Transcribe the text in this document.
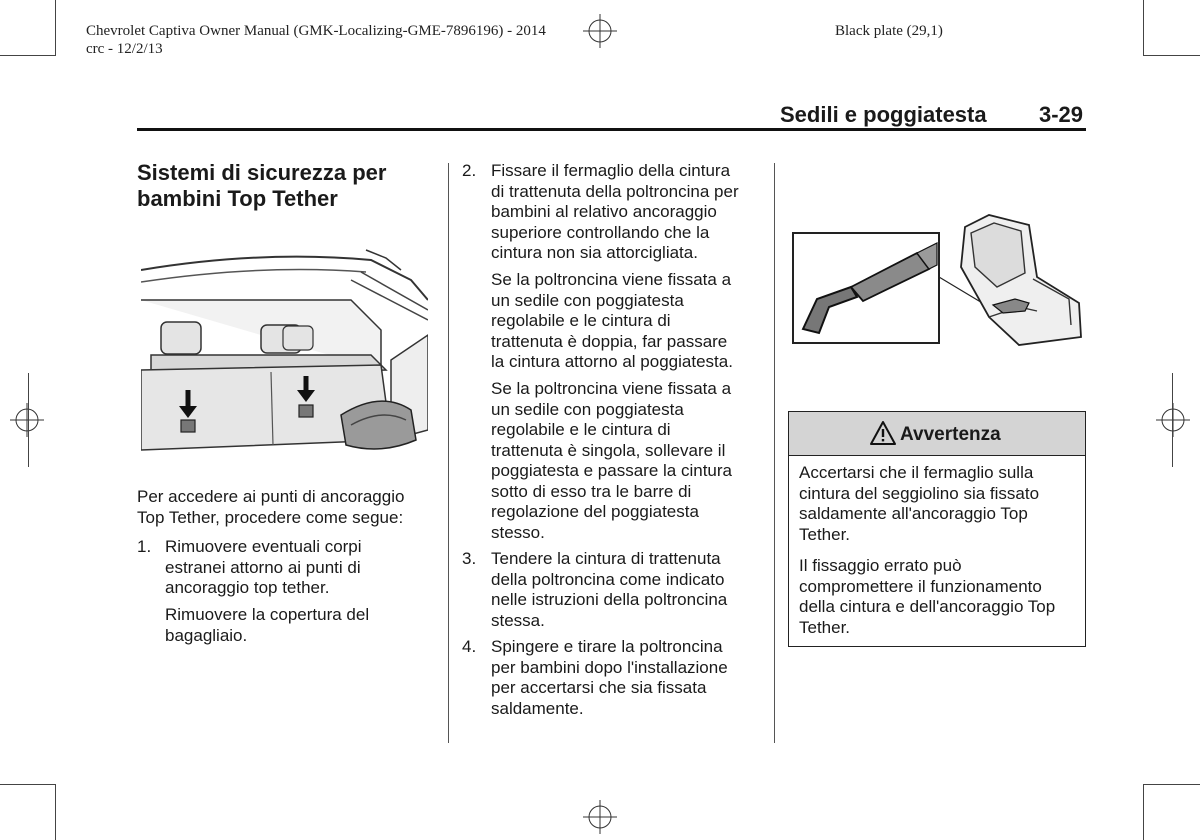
Chevrolet Captiva Owner Manual (GMK-Localizing-GME-7896196) - 2014
crc - 12/2/13
Black plate (29,1)
Sedili e poggiatesta 3-29
Sistemi di sicurezza per
bambini Top Tether
Per accedere ai punti di ancoraggio
Top Tether, procedere come segue:
1. Rimuovere eventuali corpi
estranei attorno ai punti di
ancoraggio top tether.
Rimuovere la copertura del
bagagliaio.
2. Fissare il fermaglio della cintura
di trattenuta della poltroncina per
bambini al relativo ancoraggio
superiore controllando che la
cintura non sia attorcigliata.
Se la poltroncina viene fissata a
un sedile con poggiatesta
regolabile e le cintura di
trattenuta è doppia, far passare
la cintura attorno al poggiatesta.
Se la poltroncina viene fissata a
un sedile con poggiatesta
regolabile e le cintura di
trattenuta è singola, sollevare il
poggiatesta e passare la cintura
sotto di esso tra le barre di
regolazione del poggiatesta
stesso.
3. Tendere la cintura di trattenuta
della poltroncina come indicato
nelle istruzioni della poltroncina
stessa.
4. Spingere e tirare la poltroncina
per bambini dopo l'installazione
per accertarsi che sia fissata
saldamente.
Avvertenza
Accertarsi che il fermaglio sulla
cintura del seggiolino sia fissato
saldamente all'ancoraggio Top
Tether.
Il fissaggio errato può
compromettere il funzionamento
della cintura e dell'ancoraggio Top
Tether.
